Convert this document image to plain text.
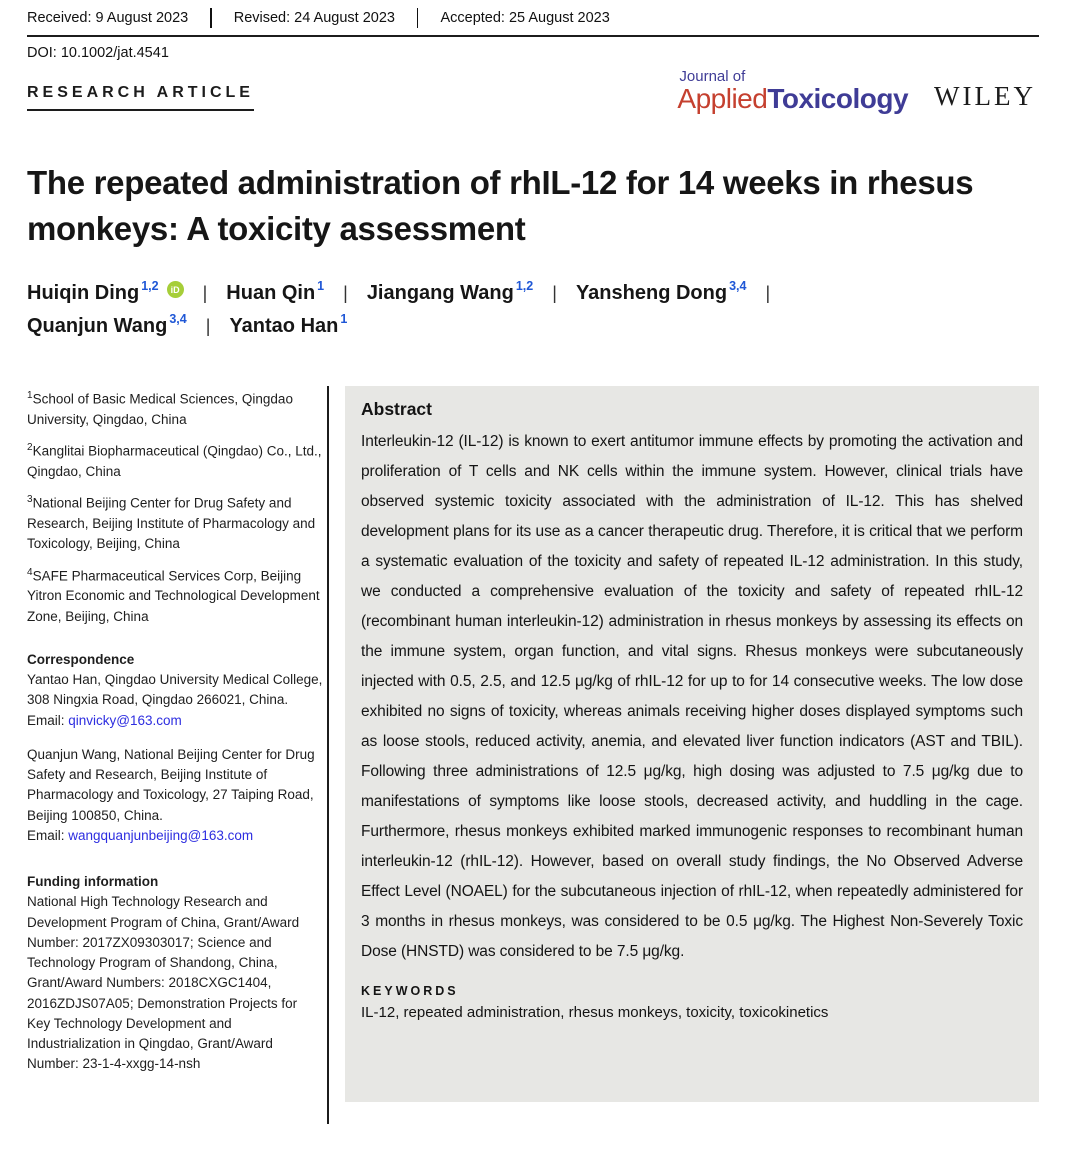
Received: 9 August 2023	Revised: 24 August 2023	Accepted: 25 August 2023
DOI: 10.1002/jat.4541
RESEARCH ARTICLE
Journal of
AppliedToxicology WILEY
The repeated administration of rhIL-12 for 14 weeks in rhesus monkeys: A toxicity assessment
Huiqin Ding$^{1,2}$ iD | Huan Qin$^1$ | Jiangang Wang$^{1,2}$ | Yansheng Dong$^{3,4}$ |
Quanjun Wang$^{3,4}$ | Yantao Han$^1$

$^1$School of Basic Medical Sciences, Qingdao University, Qingdao, China

$^2$Kanglitai Biopharmaceutical (Qingdao) Co., Ltd., Qingdao, China

$^3$National Beijing Center for Drug Safety and Research, Beijing Institute of Pharmacology and Toxicology, Beijing, China

$^4$SAFE Pharmaceutical Services Corp, Beijing Yitron Economic and Technological Development Zone, Beijing, China

Correspondence

Yantao Han, Qingdao University Medical College, 308 Ningxia Road, Qingdao 266021, China.
Email: qinvicky@163.com

Quanjun Wang, National Beijing Center for Drug Safety and Research, Beijing Institute of Pharmacology and Toxicology, 27 Taiping Road, Beijing 100850, China.
Email: wangquanjunbeijing@163.com

Funding information

National High Technology Research and Development Program of China, Grant/Award Number: 2017ZX09303017; Science and Technology Program of Shandong, China, Grant/Award Numbers: 2018CXGC1404, 2016ZDJS07A05; Demonstration Projects for Key Technology Development and Industrialization in Qingdao, Grant/Award Number: 23-1-4-xxgg-14-nsh

Abstract

Interleukin-12 (IL-12) is known to exert antitumor immune effects by promoting the activation and proliferation of T cells and NK cells within the immune system. However, clinical trials have observed systemic toxicity associated with the administration of IL-12. This has shelved development plans for its use as a cancer therapeutic drug. Therefore, it is critical that we perform a systematic evaluation of the toxicity and safety of repeated IL-12 administration. In this study, we conducted a comprehensive evaluation of the toxicity and safety of repeated rhIL-12 (recombinant human interleukin-12) administration in rhesus monkeys by assessing its effects on the immune system, organ function, and vital signs. Rhesus monkeys were subcutaneously injected with 0.5, 2.5, and 12.5 μg/kg of rhIL-12 for up to for 14 consecutive weeks. The low dose exhibited no signs of toxicity, whereas animals receiving higher doses displayed symptoms such as loose stools, reduced activity, anemia, and elevated liver function indicators (AST and TBIL). Following three administrations of 12.5 μg/kg, high dosing was adjusted to 7.5 μg/kg due to manifestations of symptoms like loose stools, decreased activity, and huddling in the cage. Furthermore, rhesus monkeys exhibited marked immunogenic responses to recombinant human interleukin-12 (rhIL-12). However, based on overall study findings, the No Observed Adverse Effect Level (NOAEL) for the subcutaneous injection of rhIL-12, when repeatedly administered for 3 months in rhesus monkeys, was considered to be 0.5 μg/kg. The Highest Non-Severely Toxic Dose (HNSTD) was considered to be 7.5 μg/kg.

KEYWORDS
IL-12, repeated administration, rhesus monkeys, toxicity, toxicokinetics
